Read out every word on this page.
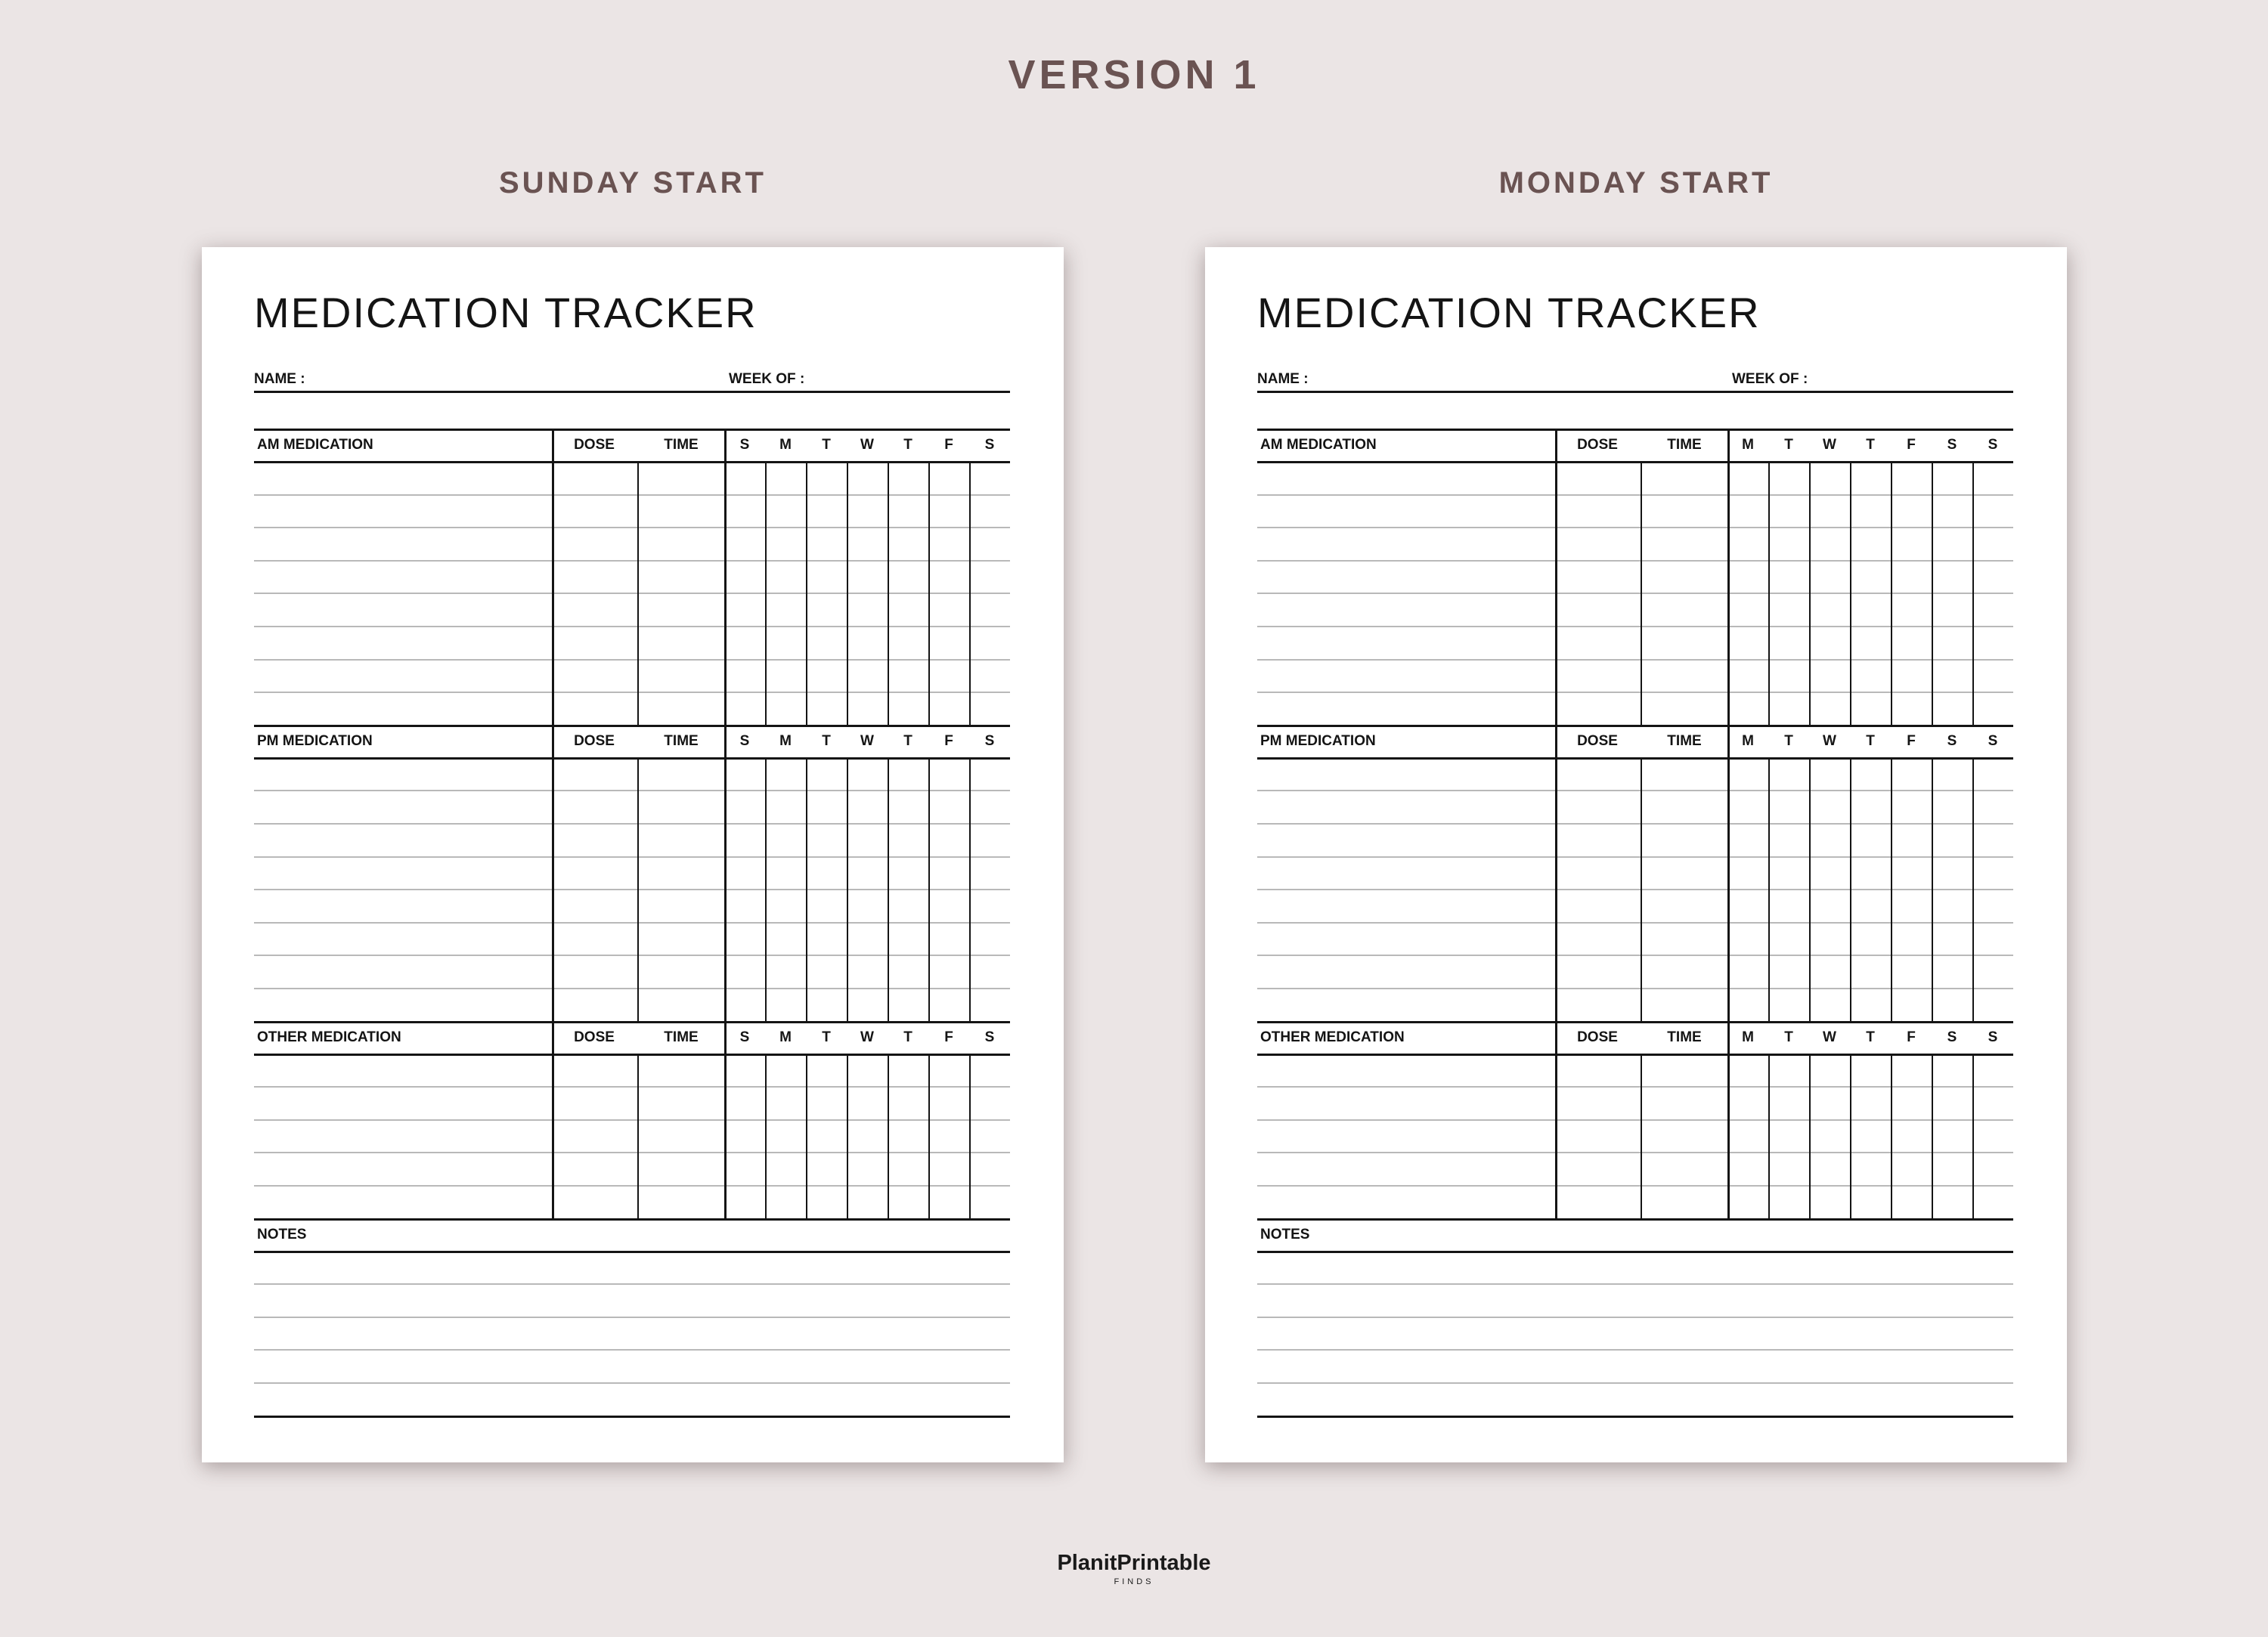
VERSION 1
SUNDAY START	MONDAY START
MEDICATION TRACKER
NAME :	WEEK OF :
AM MEDICATION	DOSE	TIME	S M T W T F S
PM MEDICATION	DOSE	TIME	S M T W T F S
OTHER MEDICATION	DOSE	TIME	S M T W T F S
NOTES
MEDICATION TRACKER
NAME :	WEEK OF :
AM MEDICATION	DOSE	TIME	M T W T F S S
PM MEDICATION	DOSE	TIME	M T W T F S S
OTHER MEDICATION	DOSE	TIME	M T W T F S S
NOTES
PlanitPrintable
FINDS
